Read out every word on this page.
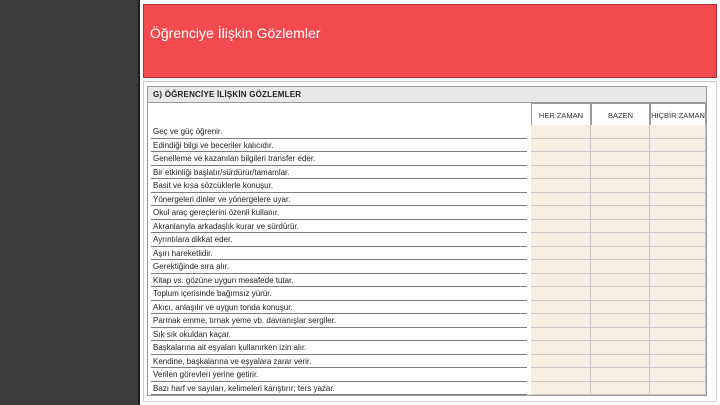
Öğrenciye İlişkin Gözlemler
G) ÖĞRENCİYE İLİŞKİN GÖZLEMLER
HER ZAMAN	BAZEN	HİÇBİR ZAMAN
Geç ve güç öğrenir.
Edindiği bilgi ve beceriler kalıcıdır.
Genelleme ve kazanılan bilgileri transfer eder.
Bir etkinliği başlatır/sürdürür/tamamlar.
Basit ve kısa sözcüklerle konuşur.
Yönergeleri dinler ve yönergelere uyar.
Okul araç gereçlerini özenli kullanır.
Akranlarıyla arkadaşlık kurar ve sürdürür.
Ayrıntılara dikkat eder.
Aşırı hareketlidir.
Gerektiğinde sıra alır.
Kitap vs. gözüne uygun mesafede tutar.
Toplum içerisinde bağımsız yürür.
Akıcı, anlaşılır ve uygun tonda konuşur.
Parmak emme, tırnak yeme vb. davranışlar sergiler.
Sık sık okuldan kaçar.
Başkalarına ait eşyaları kullanırken izin alır.
Kendine, başkalarına ve eşyalara zarar verir.
Verilen görevleri yerine getirir.
Bazı harf ve sayıları, kelimeleri karıştırır; ters yazar.
